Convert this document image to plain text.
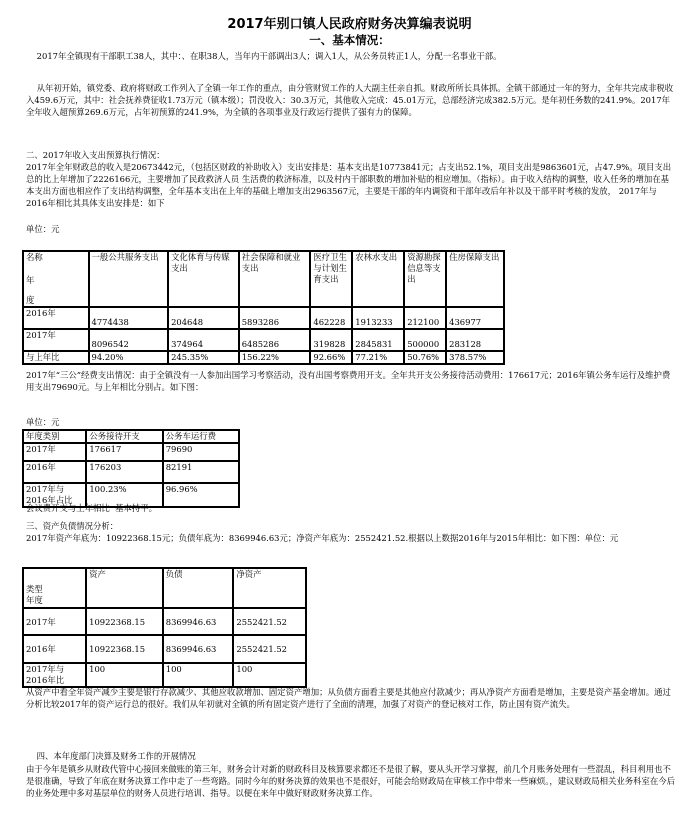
2017年别口镇人民政府财务决算编表说明
一、基本情况：
2017年全镇现有干部职工38人，其中：、在职38人，当年内干部调出3人；调入1人，从公务员转正1人，分配一名事业干部。
从年初开始，镇党委、政府将财政工作列入了全镇一年工作的重点，由分管财贸工作的人大副主任亲自抓。财政所所长具体抓。全镇干部通过一年的努力，全年共完成非税收入459.6万元，其中：社会抚养费征收1.73万元（镇本级）；罚没收入：30.3万元，其他收入完成：45.01万元，总部经济完成382.5万元。是年初任务数的241.9%。2017年全年收入超预算269.6万元，占年初预算的241.9%，为全镇的各项事业及行政运行提供了强有力的保障。
二、2017年收入支出预算执行情况：
2017年全年财政总的收入是20673442元，（包括区财政的补助收入）支出安排是：基本支出是10773841元；占支出52.1%，项目支出是9863601元，占47.9%。项目支出总的比上年增加了2226166元，主要增加了民政救济人员 生活费的救济标准，以及村内干部职数的增加补贴的相应增加。（指标）。由于收入结构的调整，收入任务的增加在基本支出方面也相应作了支出结构调整，全年基本支出在上年的基础上增加支出2963567元，主要是干部的年内调资和干部年改后年补以及干部平时考核的发放， 2017年与2016年相比其具体支出安排是：如下
单位：元
名称
年
度	一般公共服务支出	文化体育与传媒支出	社会保障和就业支出	医疗卫生与计划生育支出	农林水支出	资源勘探信息等支出	住房保障支出
2016年	4774438	204648	5893286	462228	1913233	212100	436977
2017年	8096542	374964	6485286	319828	2845831	500000	283128
与上年比	94.20%	245.35%	156.22%	92.66%	77.21%	50.76%	378.57%
2017年“三公”经费支出情况：由于全镇没有一人参加出国学习考察活动，没有出国考察费用开支。全年共开支公务接待活动费用：176617元；2016年镇公务车运行及维护费用支出79690元。与上年相比分别占。如下图：
单位：元
年度类别	公务接待开支	公务车运行费
2017年	176617	79690
2016年	176203	82191
2017年与2016年占比	100.23%	96.96%
会议费开支与上年相比  基本持平。
三、资产负债情况分析：
2017年资产年底为：10922368.15元；负债年底为：8369946.63元；净资产年底为：2552421.52.根据以上数据2016年与2015年相比：如下图：单位：元
类型
年度	资产	负债	净资产
2017年	10922368.15	8369946.63	2552421.52
2016年	10922368.15	8369946.63	2552421.52
2017年与2016年比	100	100	100
从资产中看全年资产减少主要是银行存款减少、其他应收款增加、固定资产增加；从负债方面看主要是其他应付款减少；再从净资产方面看是增加，主要是资产基金增加。通过分析比较2017年的资产运行总的很好。我们从年初就对全镇的所有固定资产进行了全面的清理，加强了对资产的登记核对工作，防止国有资产流失。
四、本年度部门决算及财务工作的开展情况
由于今年是镇乡从财政代管中心接回来做账的第三年，财务会计对新的财政科目及核算要求都还不是很了解，要从头开学习掌握，前几个月账务处理有一些混乱，科目利用也不是很准确，导致了年底在财务决算工作中走了一些弯路。同时今年的财务决算的效果也不是很好，可能会给财政局在审核工作中带来一些麻烦。，建议财政局相关业务科室在今后的业务处理中多对基层单位的财务人员进行培训、指导。以便在来年中做好财政财务决算工作。
